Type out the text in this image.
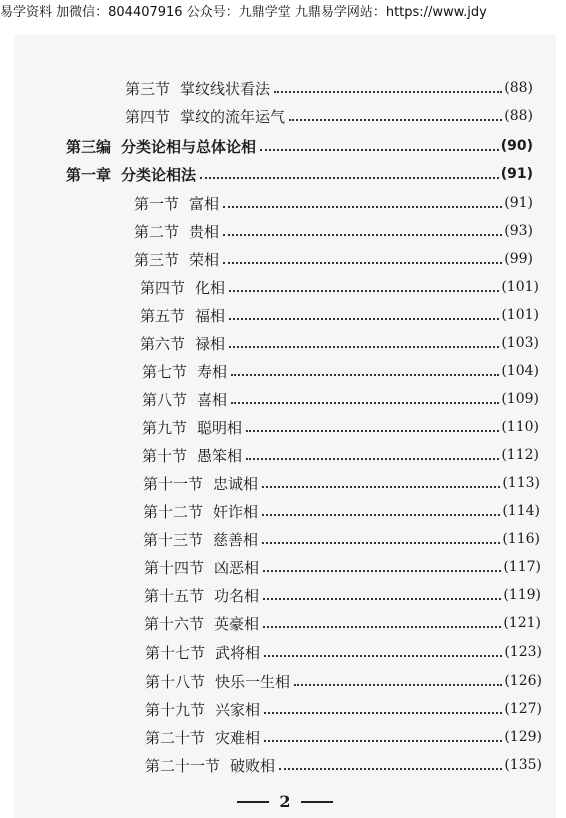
易学资料 加微信：804407916 公众号：九鼎学堂 九鼎易学网站：https://www.jdy
第三节 掌纹线状看法	(88)
第四节 掌纹的流年运气	(88)
第三编 分类论相与总体论相	(90)
第一章 分类论相法	(91)
第一节 富相	(91)
第二节 贵相	(93)
第三节 荣相	(99)
第四节 化相	(101)
第五节 福相	(101)
第六节 禄相	(103)
第七节 寿相	(104)
第八节 喜相	(109)
第九节 聪明相	(110)
第十节 愚笨相	(112)
第十一节 忠诚相	(113)
第十二节 奸诈相	(114)
第十三节 慈善相	(116)
第十四节 凶恶相	(117)
第十五节 功名相	(119)
第十六节 英豪相	(121)
第十七节 武将相	(123)
第十八节 快乐一生相	(126)
第十九节 兴家相	(127)
第二十节 灾难相	(129)
第二十一节 破败相	(135)
2
